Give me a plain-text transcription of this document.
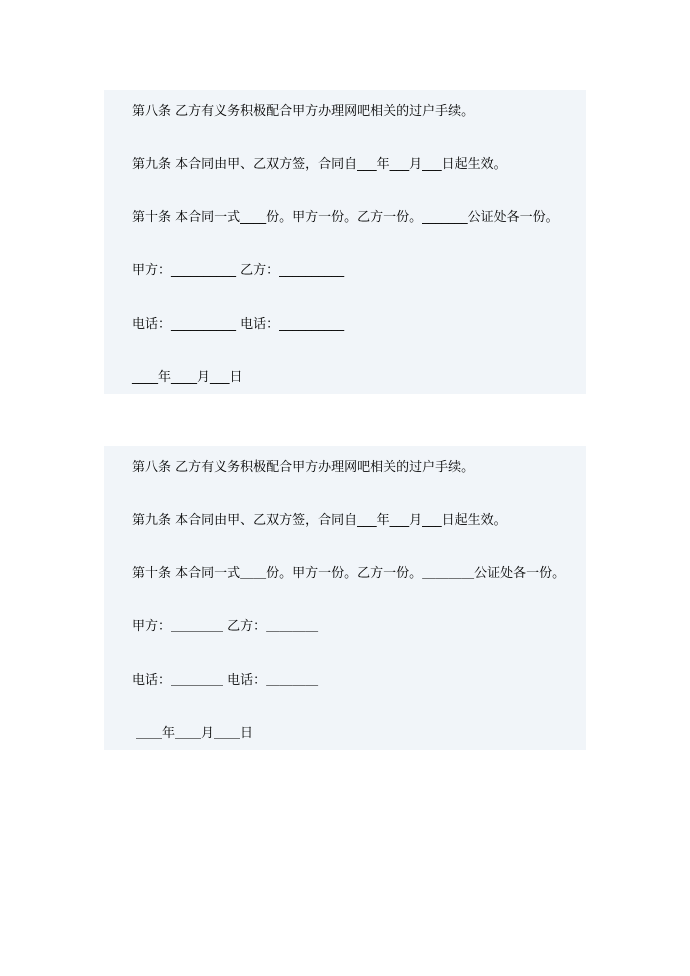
第八条 乙方有义务积极配合甲方办理网吧相关的过户手续。
第九条 本合同由甲、乙双方签，合同自___年___月___日起生效。
第十条 本合同一式____份。甲方一份。乙方一份。_______公证处各一份。
甲方：__________ 乙方：__________
电话：__________ 电话：__________
____年____月___日
第八条 乙方有义务积极配合甲方办理网吧相关的过户手续。
第九条 本合同由甲、乙双方签，合同自___年___月___日起生效。
第十条 本合同一式＿＿份。甲方一份。乙方一份。＿＿＿＿公证处各一份。
甲方：＿＿＿＿ 乙方：＿＿＿＿
电话：＿＿＿＿ 电话：＿＿＿＿
＿＿年＿＿月＿＿日
